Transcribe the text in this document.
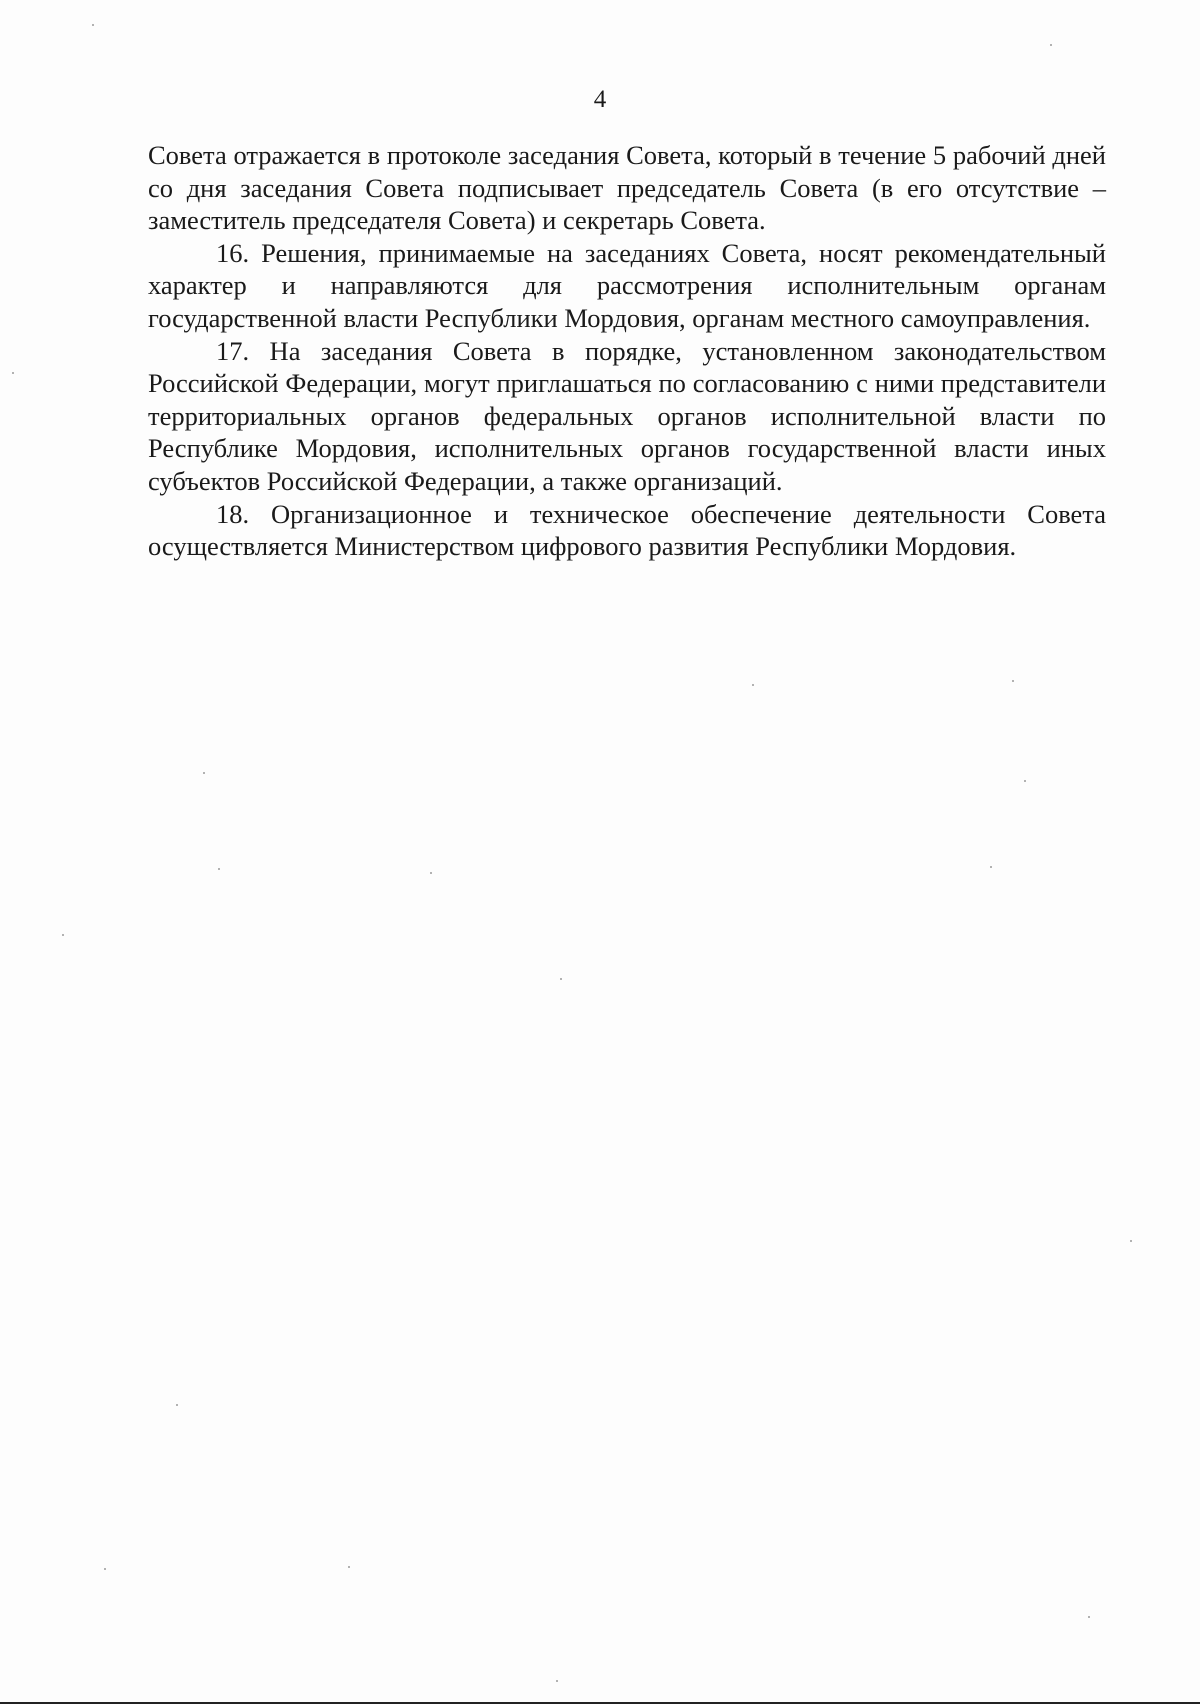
4

Совета отражается в протоколе заседания Совета, который в течение 5 рабочий дней со дня заседания Совета подписывает председатель Совета (в его отсутствие – заместитель председателя Совета) и секретарь Совета.

16. Решения, принимаемые на заседаниях Совета, носят рекомендательный характер и направляются для рассмотрения исполнительным органам государственной власти Республики Мордовия, органам местного самоуправления.

17. На заседания Совета в порядке, установленном законодательством Российской Федерации, могут приглашаться по согласованию с ними представители территориальных органов федеральных органов исполнительной власти по Республике Мордовия, исполнительных органов государственной власти иных субъектов Российской Федерации, а также организаций.

18. Организационное и техническое обеспечение деятельности Совета осуществляется Министерством цифрового развития Республики Мордовия.
